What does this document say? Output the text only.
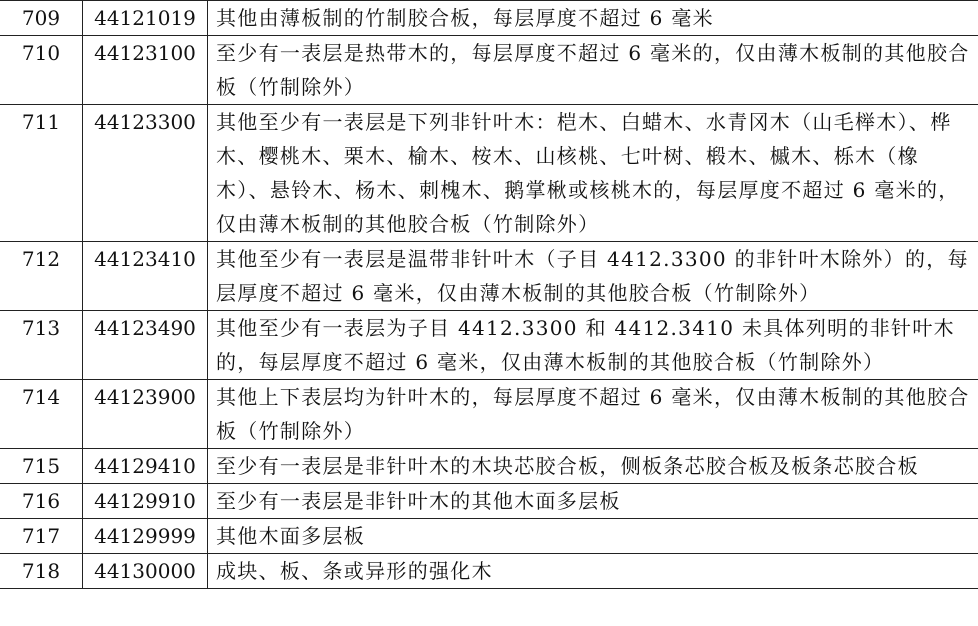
709	44121019	其他由薄板制的竹制胶合板，每层厚度不超过 6 毫米
710	44123100	至少有一表层是热带木的，每层厚度不超过 6 毫米的，仅由薄木板制的其他胶合板（竹制除外）
711	44123300	其他至少有一表层是下列非针叶木：桤木、白蜡木、水青冈木（山毛榉木）、桦木、樱桃木、栗木、榆木、桉木、山核桃、七叶树、椴木、槭木、栎木（橡木）、悬铃木、杨木、刺槐木、鹅掌楸或核桃木的，每层厚度不超过 6 毫米的，仅由薄木板制的其他胶合板（竹制除外）
712	44123410	其他至少有一表层是温带非针叶木（子目 4412.3300 的非针叶木除外）的，每层厚度不超过 6 毫米，仅由薄木板制的其他胶合板（竹制除外）
713	44123490	其他至少有一表层为子目 4412.3300 和 4412.3410 未具体列明的非针叶木的，每层厚度不超过 6 毫米，仅由薄木板制的其他胶合板（竹制除外）
714	44123900	其他上下表层均为针叶木的，每层厚度不超过 6 毫米，仅由薄木板制的其他胶合板（竹制除外）
715	44129410	至少有一表层是非针叶木的木块芯胶合板，侧板条芯胶合板及板条芯胶合板
716	44129910	至少有一表层是非针叶木的其他木面多层板
717	44129999	其他木面多层板
718	44130000	成块、板、条或异形的强化木
